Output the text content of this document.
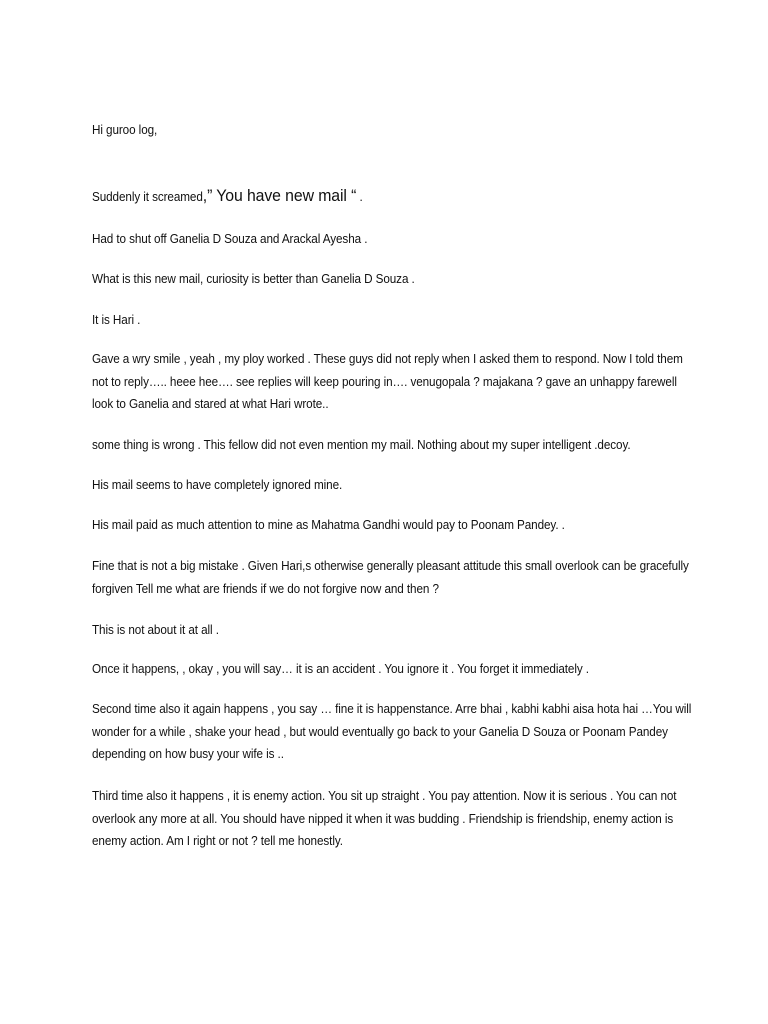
Hi guroo log,
Suddenly it screamed,” You have new mail “ .
Had to shut off Ganelia D Souza and Arackal Ayesha .
What is this new mail, curiosity is better than Ganelia D Souza .
It is Hari .
Gave a wry smile , yeah , my ploy worked . These guys did not reply when I asked them to respond. Now I told them not to reply….. heee hee…. see replies will keep pouring in…. venugopala ? majakana ? gave an unhappy farewell look to Ganelia and stared at what Hari wrote..
some thing is wrong . This fellow did not even mention my mail. Nothing about my super intelligent .decoy.
His mail seems to have completely ignored mine.
His mail paid as much attention to mine as Mahatma Gandhi would pay to Poonam Pandey. .
Fine that is not a big mistake . Given Hari,s otherwise generally pleasant attitude this small overlook can be gracefully forgiven Tell me what are friends if we do not forgive now and then ?
This is not about it at all .
Once it happens, , okay , you will say… it is an accident . You ignore it . You forget it immediately .
Second time also it again happens , you say … fine it is happenstance. Arre bhai , kabhi kabhi aisa hota hai …You will wonder for a while , shake your head , but would eventually go back to your Ganelia D Souza or Poonam Pandey depending on how busy your wife is ..
Third time also it happens , it is enemy action. You sit up straight . You pay attention. Now it is serious . You can not overlook any more at all. You should have nipped it when it was budding . Friendship is friendship, enemy action is enemy action. Am I right or not ? tell me honestly.
